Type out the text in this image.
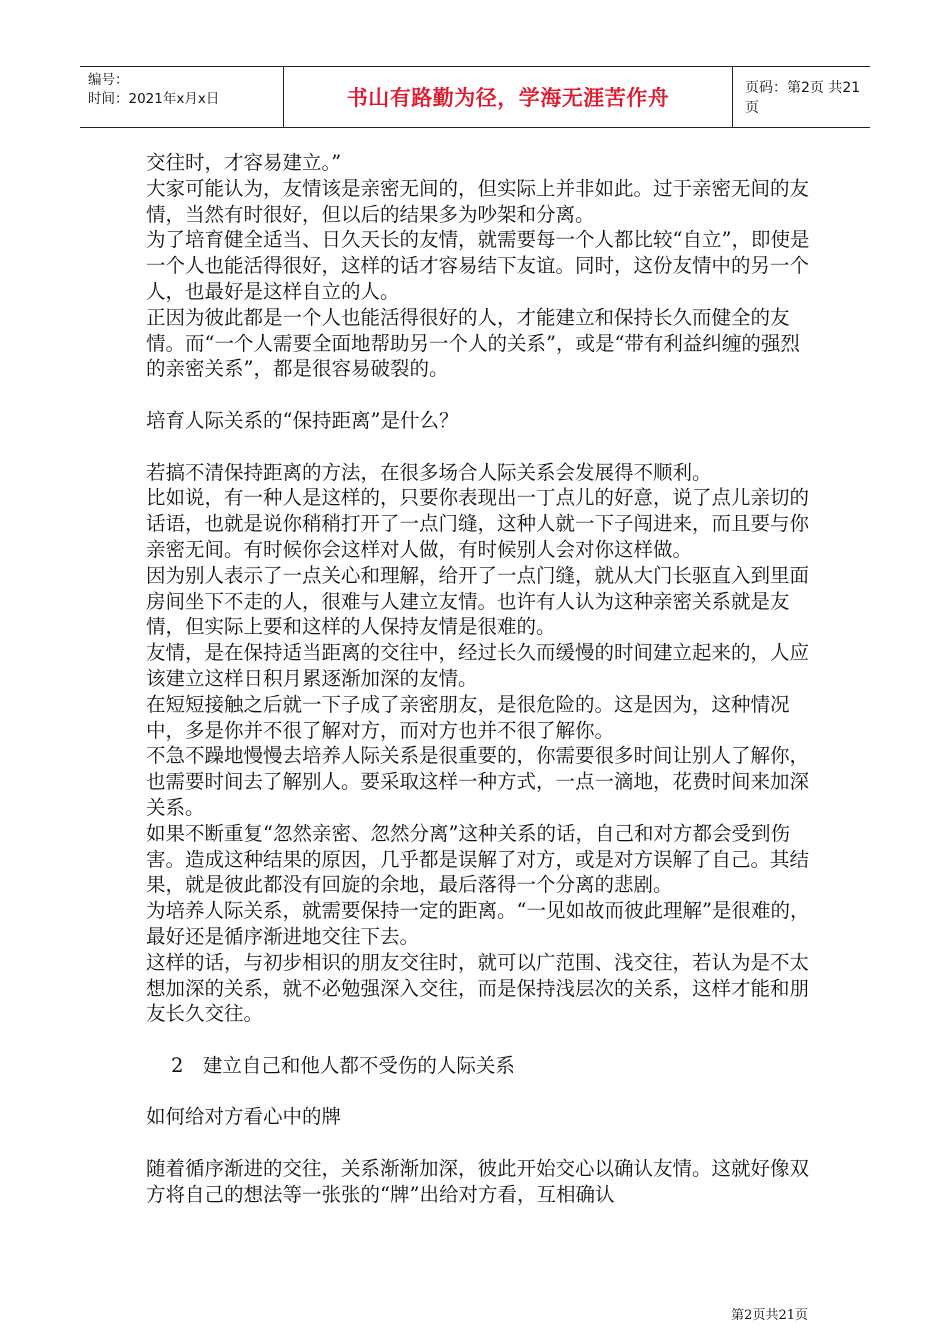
编号：
时间：2021年x月x日	书山有路勤为径，学海无涯苦作舟	页码：第2页 共21页

交往时，才容易建立。”

大家可能认为，友情该是亲密无间的，但实际上并非如此。过于亲密无间的友情，当然有时很好，但以后的结果多为吵架和分离。

为了培育健全适当、日久天长的友情，就需要每一个人都比较“自立”，即使是一个人也能活得很好，这样的话才容易结下友谊。同时，这份友情中的另一个人，也最好是这样自立的人。

正因为彼此都是一个人也能活得很好的人，才能建立和保持长久而健全的友情。而“一个人需要全面地帮助另一个人的关系”，或是“带有利益纠缠的强烈的亲密关系”，都是很容易破裂的。

培育人际关系的“保持距离”是什么？

若搞不清保持距离的方法，在很多场合人际关系会发展得不顺利。

比如说，有一种人是这样的，只要你表现出一丁点儿的好意，说了点儿亲切的话语，也就是说你稍稍打开了一点门缝，这种人就一下子闯进来，而且要与你亲密无间。有时候你会这样对人做，有时候别人会对你这样做。

因为别人表示了一点关心和理解，给开了一点门缝，就从大门长驱直入到里面房间坐下不走的人，很难与人建立友情。也许有人认为这种亲密关系就是友情，但实际上要和这样的人保持友情是很难的。

友情，是在保持适当距离的交往中，经过长久而缓慢的时间建立起来的，人应该建立这样日积月累逐渐加深的友情。

在短短接触之后就一下子成了亲密朋友，是很危险的。这是因为，这种情况中，多是你并不很了解对方，而对方也并不很了解你。

不急不躁地慢慢去培养人际关系是很重要的，你需要很多时间让别人了解你，也需要时间去了解别人。要采取这样一种方式，一点一滴地，花费时间来加深关系。

如果不断重复“忽然亲密、忽然分离”这种关系的话，自己和对方都会受到伤害。造成这种结果的原因，几乎都是误解了对方，或是对方误解了自己。其结果，就是彼此都没有回旋的余地，最后落得一个分离的悲剧。

为培养人际关系，就需要保持一定的距离。“一见如故而彼此理解”是很难的，最好还是循序渐进地交往下去。

这样的话，与初步相识的朋友交往时，就可以广范围、浅交往，若认为是不太想加深的关系，就不必勉强深入交往，而是保持浅层次的关系，这样才能和朋友长久交往。

2　建立自己和他人都不受伤的人际关系

如何给对方看心中的牌

随着循序渐进的交往，关系渐渐加深，彼此开始交心以确认友情。这就好像双方将自己的想法等一张张的“牌”出给对方看，互相确认

第2页共21页
